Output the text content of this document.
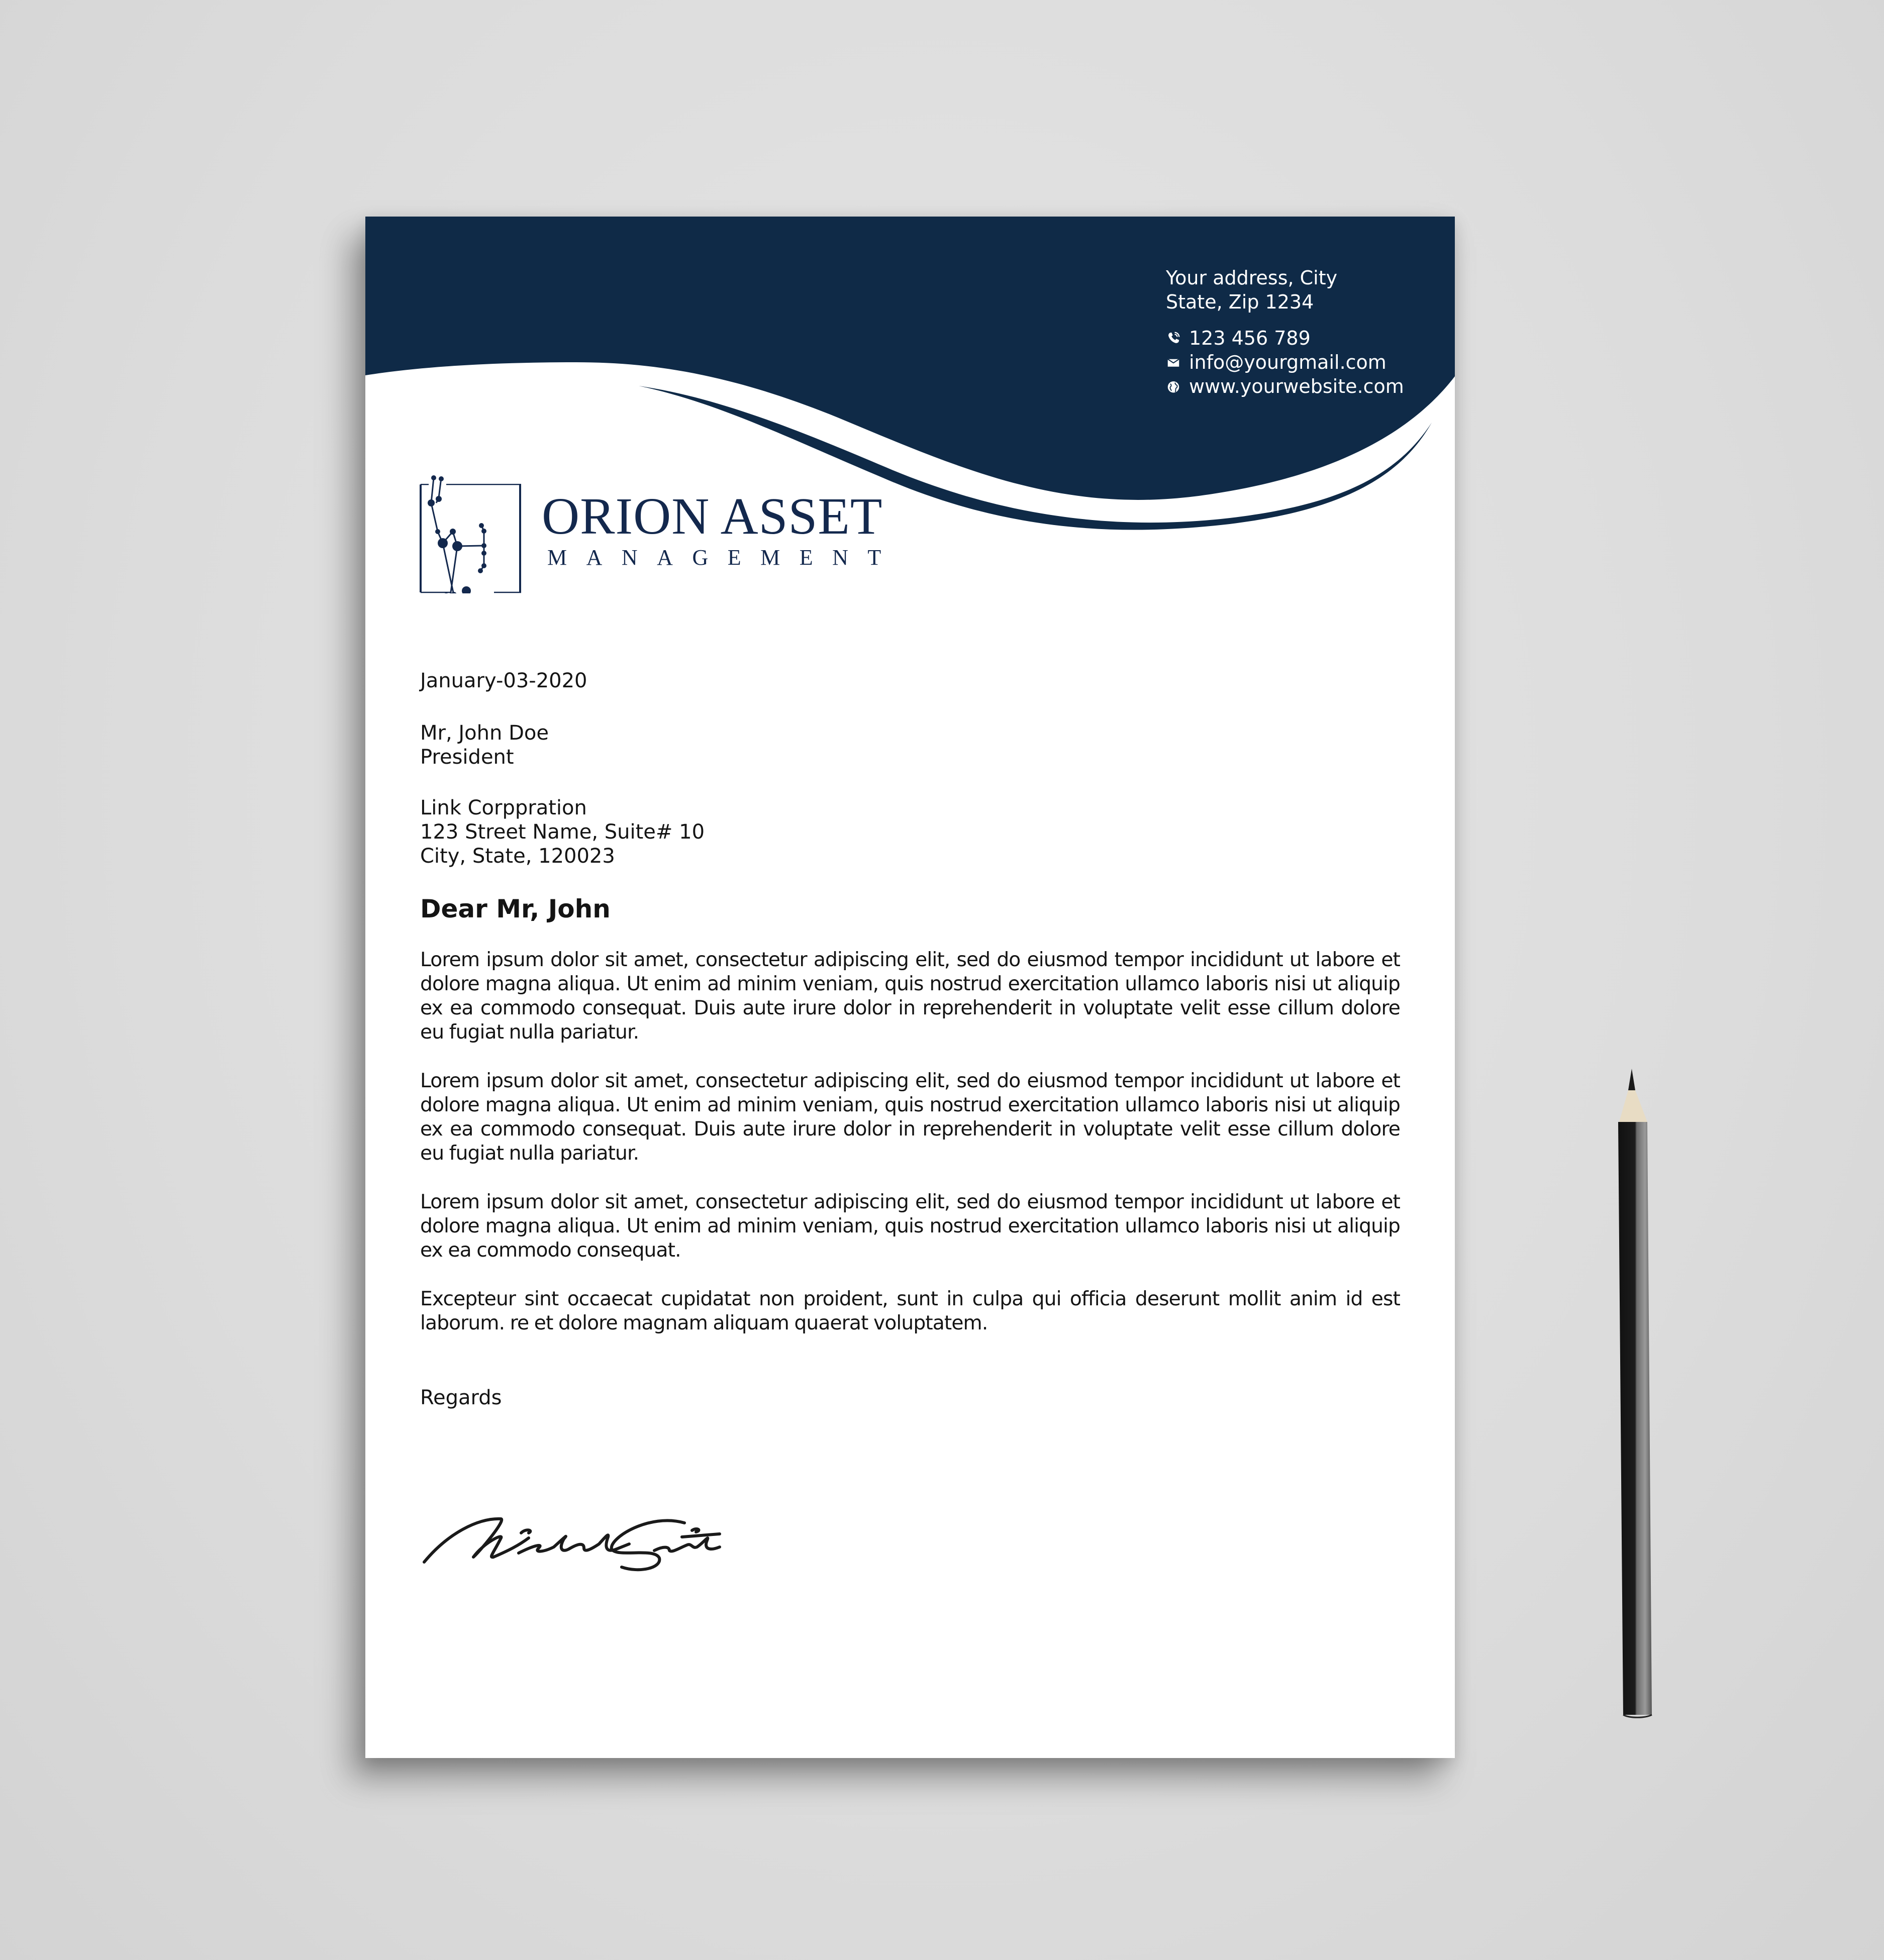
Your address, City
State, Zip 1234
123 456 789
info@yourgmail.com
www.yourwebsite.com
ORION ASSET
MANAGEMENT

January-03-2020

Mr, John Doe

President

Link Corppration

123 Street Name, Suite# 10

City, State, 120023

Dear Mr, John

Lorem ipsum dolor sit amet, consectetur adipiscing elit, sed do eiusmod tempor incididunt ut labore et dolore magna aliqua. Ut enim ad minim veniam, quis nostrud exercitation ullamco laboris nisi ut aliquip ex ea commodo consequat. Duis aute irure dolor in reprehenderit in voluptate velit esse cillum dolore eu fugiat nulla pariatur.

Lorem ipsum dolor sit amet, consectetur adipiscing elit, sed do eiusmod tempor incididunt ut labore et dolore magna aliqua. Ut enim ad minim veniam, quis nostrud exercitation ullamco laboris nisi ut aliquip ex ea commodo consequat. Duis aute irure dolor in reprehenderit in voluptate velit esse cillum dolore eu fugiat nulla pariatur.

Lorem ipsum dolor sit amet, consectetur adipiscing elit, sed do eiusmod tempor incididunt ut labore et dolore magna aliqua. Ut enim ad minim veniam, quis nostrud exercitation ullamco laboris nisi ut aliquip ex ea commodo consequat.

Excepteur sint occaecat cupidatat non proident, sunt in culpa qui officia deserunt mollit anim id est laborum. re et dolore magnam aliquam quaerat voluptatem.

Regards
